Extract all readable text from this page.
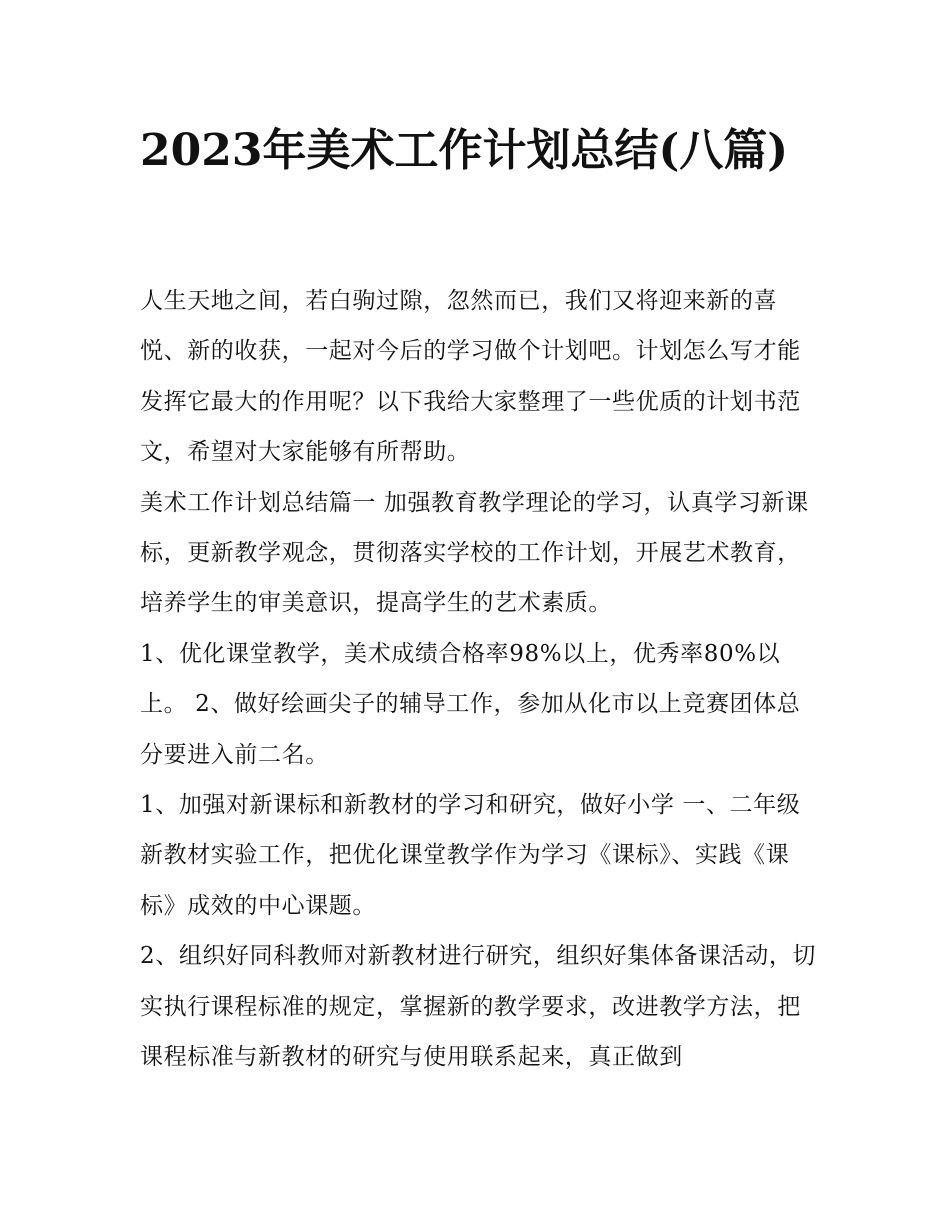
2023年美术工作计划总结(八篇)

人生天地之间，若白驹过隙，忽然而已，我们又将迎来新的喜悦、新的收获，一起对今后的学习做个计划吧。计划怎么写才能发挥它最大的作用呢？以下我给大家整理了一些优质的计划书范文，希望对大家能够有所帮助。

美术工作计划总结篇一 加强教育教学理论的学习，认真学习新课标，更新教学观念，贯彻落实学校的工作计划，开展艺术教育，培养学生的审美意识，提高学生的艺术素质。

1、优化课堂教学，美术成绩合格率98%以上，优秀率80%以上。 2、做好绘画尖子的辅导工作，参加从化市以上竞赛团体总分要进入前二名。

1、加强对新课标和新教材的学习和研究，做好小学 一、二年级新教材实验工作，把优化课堂教学作为学习《课标》、实践《课标》成效的中心课题。

2、组织好同科教师对新教材进行研究，组织好集体备课活动，切实执行课程标准的规定，掌握新的教学要求，改进教学方法，把课程标准与新教材的研究与使用联系起来，真正做到
